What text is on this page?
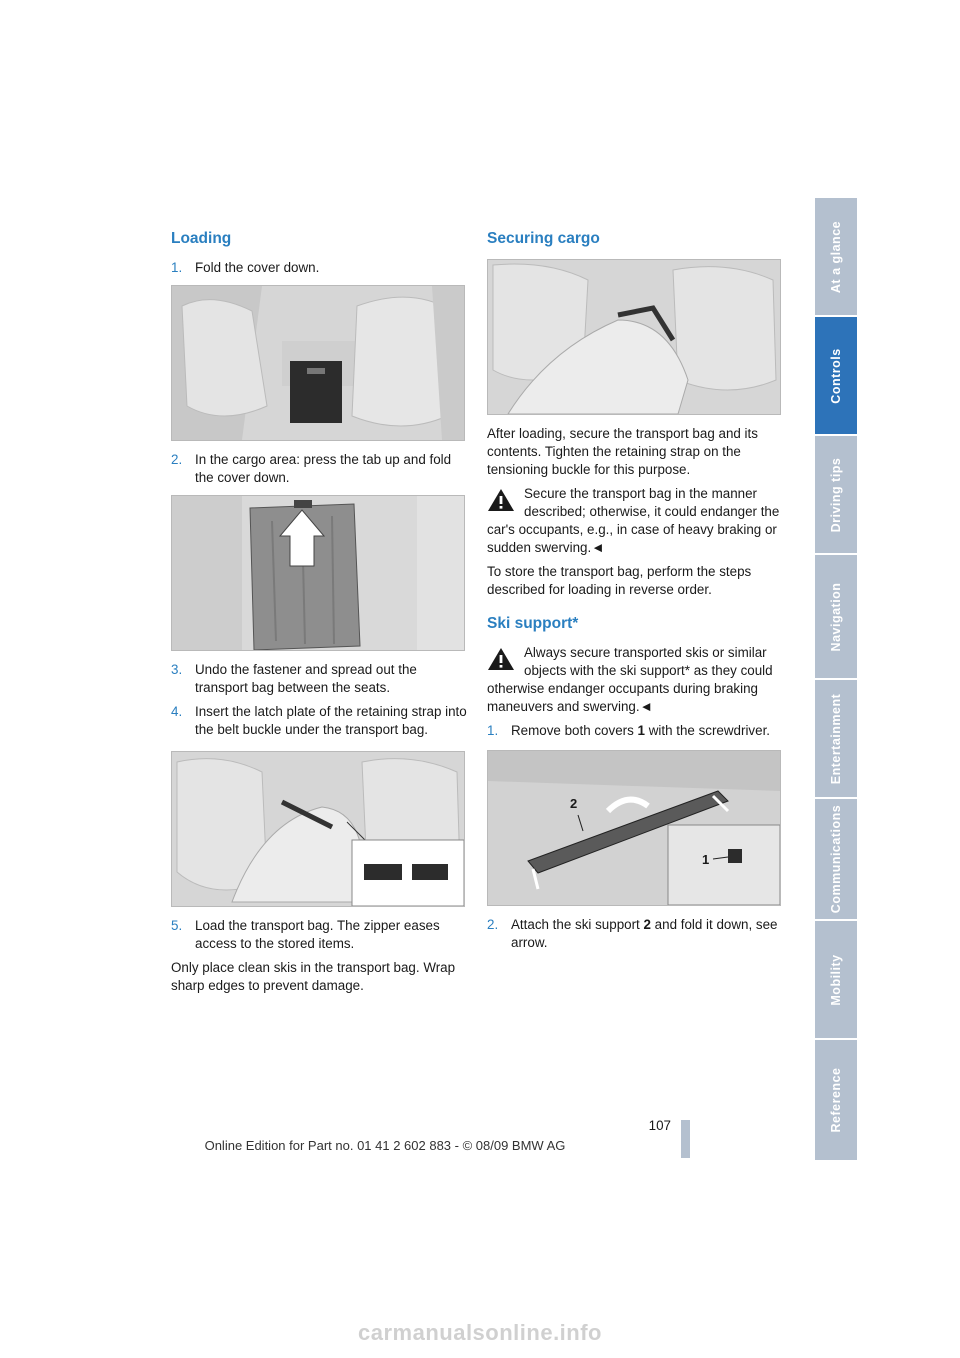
Loading
1. Fold the cover down.
2. In the cargo area: press the tab up and fold the cover down.
3. Undo the fastener and spread out the transport bag between the seats.
4. Insert the latch plate of the retaining strap into the belt buckle under the transport bag.
5. Load the transport bag. The zipper eases access to the stored items.

Only place clean skis in the transport bag. Wrap sharp edges to prevent damage.

Securing cargo

After loading, secure the transport bag and its contents. Tighten the retaining strap on the tensioning buckle for this purpose.

Secure the transport bag in the manner described; otherwise, it could endanger the car's occupants, e.g., in case of heavy braking or sudden swerving.◄

To store the transport bag, perform the steps described for loading in reverse order.

Ski support*
Always secure transported skis or similar objects with the ski support* as they could otherwise endanger occupants during braking maneuvers and swerving.◄
1. Remove both covers 1 with the screwdriver.
2
1
2. Attach the ski support 2 and fold it down, see arrow.
At a glance
Controls
Driving tips
Navigation
Entertainment
Communications
Mobility
Reference
107
Online Edition for Part no. 01 41 2 602 883 - © 08/09 BMW AG
carmanualsonline.info
